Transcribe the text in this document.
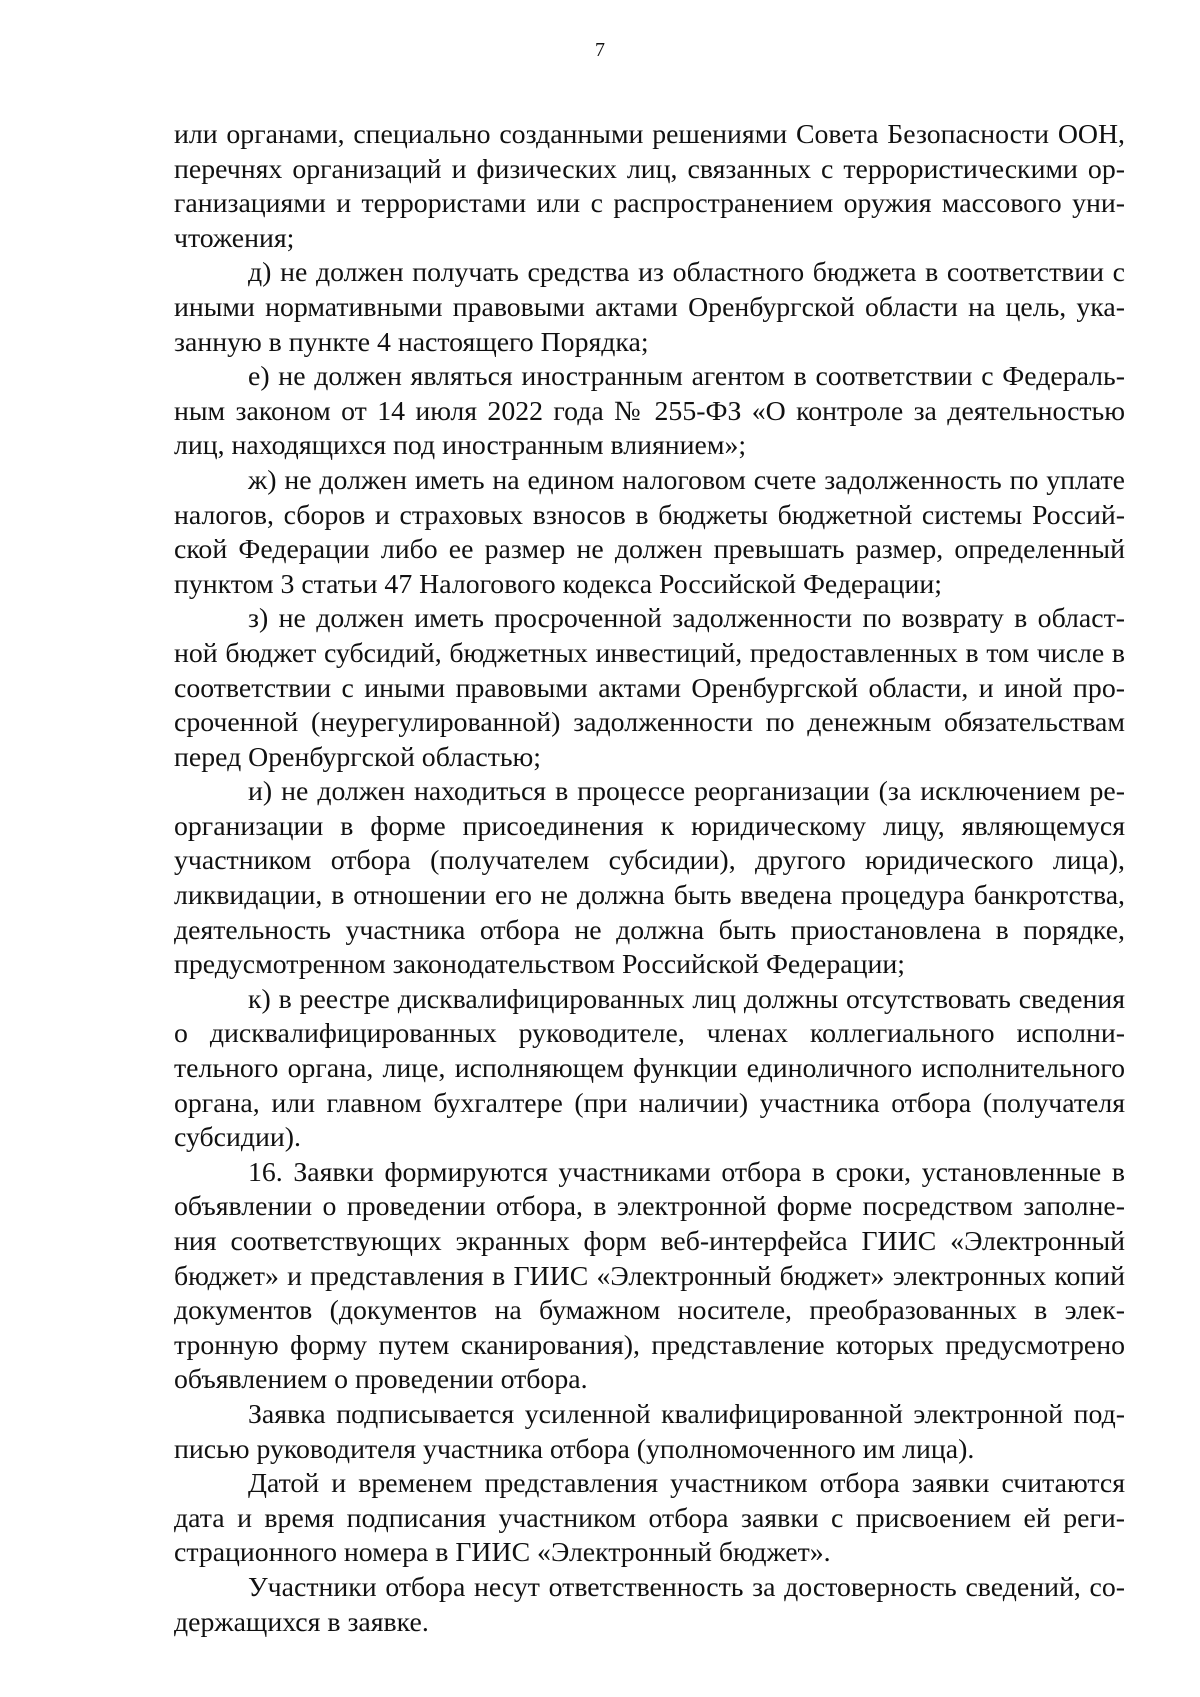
7

или органами, специально созданными решениями Совета Безопасности ООН, перечнях организаций и физических лиц, связанных с террористическими организациями и террористами или с распространением оружия массового уничтожения;

д) не должен получать средства из областного бюджета в соответствии с иными нормативными правовыми актами Оренбургской области на цель, указанную в пункте 4 настоящего Порядка;

е) не должен являться иностранным агентом в соответствии с Федеральным законом от 14 июля 2022 года № 255-ФЗ «О контроле за деятельностью лиц, находящихся под иностранным влиянием»;

ж) не должен иметь на едином налоговом счете задолженность по уплате налогов, сборов и страховых взносов в бюджеты бюджетной системы Российской Федерации либо ее размер не должен превышать размер, определенный пунктом 3 статьи 47 Налогового кодекса Российской Федерации;

з) не должен иметь просроченной задолженности по возврату в областной бюджет субсидий, бюджетных инвестиций, предоставленных в том числе в соответствии с иными правовыми актами Оренбургской области, и иной просроченной (неурегулированной) задолженности по денежным обязательствам перед Оренбургской областью;

и) не должен находиться в процессе реорганизации (за исключением реорганизации в форме присоединения к юридическому лицу, являющемуся участником отбора (получателем субсидии), другого юридического лица), ликвидации, в отношении его не должна быть введена процедура банкротства, деятельность участника отбора не должна быть приостановлена в порядке, предусмотренном законодательством Российской Федерации;

к) в реестре дисквалифицированных лиц должны отсутствовать сведения о дисквалифицированных руководителе, членах коллегиального исполнительного органа, лице, исполняющем функции единоличного исполнительного органа, или главном бухгалтере (при наличии) участника отбора (получателя субсидии).

16. Заявки формируются участниками отбора в сроки, установленные в объявлении о проведении отбора, в электронной форме посредством заполнения соответствующих экранных форм веб-интерфейса ГИИС «Электронный бюджет» и представления в ГИИС «Электронный бюджет» электронных копий документов (документов на бумажном носителе, преобразованных в электронную форму путем сканирования), представление которых предусмотрено объявлением о проведении отбора.

Заявка подписывается усиленной квалифицированной электронной подписью руководителя участника отбора (уполномоченного им лица).

Датой и временем представления участником отбора заявки считаются дата и время подписания участником отбора заявки с присвоением ей регистрационного номера в ГИИС «Электронный бюджет».

Участники отбора несут ответственность за достоверность сведений, содержащихся в заявке.
